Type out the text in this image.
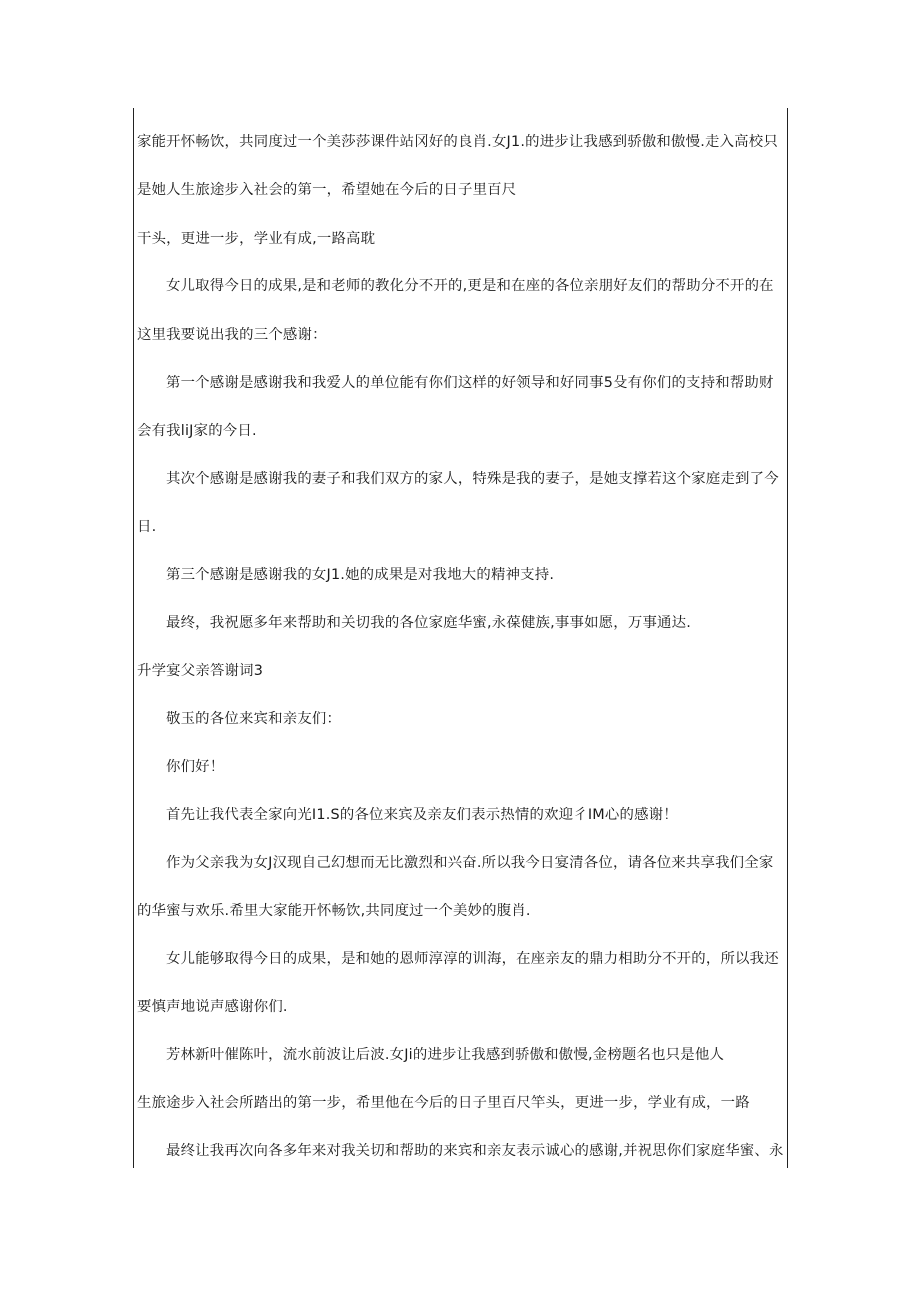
家能开怀畅饮，共同度过一个美莎莎课件站冈好的良肖.女J1.的进步让我感到骄傲和傲慢.走入高校只
是她人生旅途步入社会的第一，希望她在今后的日子里百尺
干头，更进一步，学业有成,一路高耽
女儿取得今日的成果,是和老师的教化分不开的,更是和在座的各位亲朋好友们的帮助分不开的在
这里我要说出我的三个感谢：
第一个感谢是感谢我和我爱人的单位能有你们这样的好领导和好同事5殳有你们的支持和帮助财
会有我liJ家的今日.
其次个感谢是感谢我的妻子和我们双方的家人，特殊是我的妻子，是她支撑若这个家庭走到了今
日.
第三个感谢是感谢我的女J1.她的成果是对我地大的精神支持.
最终，我祝愿多年来帮助和关切我的各位家庭华蜜,永葆健族,事事如愿，万事通达.
升学宴父亲答谢词3
敬玉的各位来宾和亲友们：
你们好！
首先让我代表全家向光I1.S的各位来宾及亲友们表示热情的欢迎彳IM心的感谢！
作为父亲我为女J汉现自己幻想而无比激烈和兴奋.所以我今日宴清各位，请各位来共享我们全家
的华蜜与欢乐.希里大家能开怀畅饮,共同度过一个美妙的腹肖.
女儿能够取得今日的成果，是和她的恩师淳淳的训海，在座亲友的鼎力相助分不开的，所以我还
要慎声地说声感谢你们.
芳林新叶催陈叶，流水前波让后波.女Ji的进步让我感到骄傲和傲慢,金榜题名也只是他人
生旅途步入社会所踏出的第一步，希里他在今后的日子里百尺竿头，更进一步，学业有成，一路
最终让我再次向各多年来对我关切和帮助的来宾和亲友表示诚心的感谢,并祝思你们家庭华蜜、永
